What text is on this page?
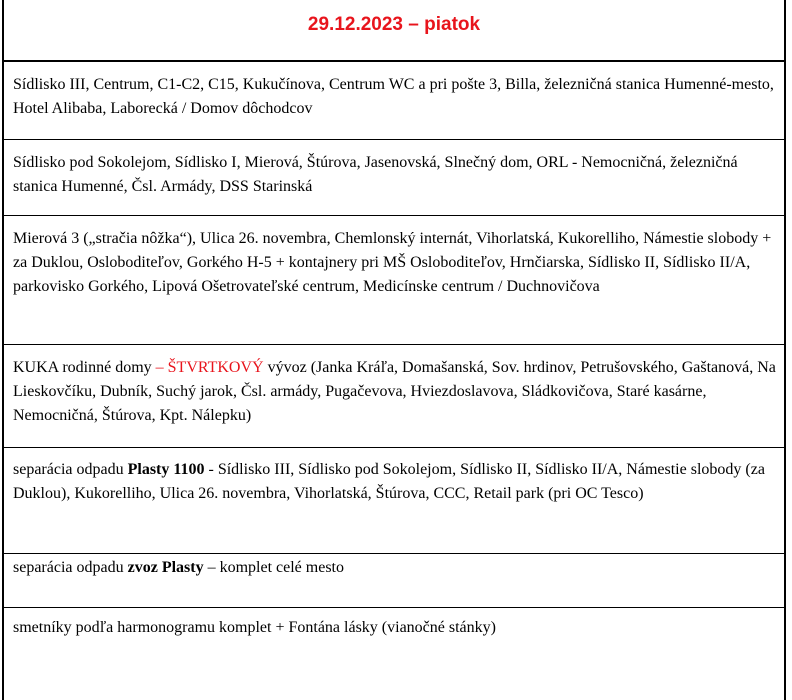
29.12.2023 – piatok
Sídlisko III, Centrum, C1-C2, C15, Kukučínova, Centrum WC a pri pošte 3, Billa, železničná stanica Humenné-mesto, Hotel Alibaba, Laborecká / Domov dôchodcov
Sídlisko pod Sokolejom, Sídlisko I, Mierová, Štúrova, Jasenovská, Slnečný dom, ORL - Nemocničná, železničná stanica Humenné, Čsl. Armády, DSS Starinská
Mierová 3 („stračia nôžka“), Ulica 26. novembra, Chemlonský internát, Vihorlatská, Kukorelliho, Námestie slobody + za Duklou, Osloboditeľov, Gorkého H-5 + kontajnery pri MŠ Osloboditeľov, Hrnčiarska, Sídlisko II, Sídlisko II/A, parkovisko Gorkého, Lipová Ošetrovateľské centrum, Medicínske centrum / Duchnovičova
KUKA rodinné domy – ŠTVRTKOVÝ vývoz (Janka Kráľa, Domašanská, Sov. hrdinov, Petrušovského, Gaštanová, Na Lieskovčíku, Dubník, Suchý jarok, Čsl. armády, Pugačevova, Hviezdoslavova, Sládkovičova, Staré kasárne, Nemocničná, Štúrova, Kpt. Nálepku)
separácia odpadu Plasty 1100 - Sídlisko III, Sídlisko pod Sokolejom, Sídlisko II, Sídlisko II/A, Námestie slobody (za Duklou), Kukorelliho, Ulica 26. novembra, Vihorlatská, Štúrova, CCC, Retail park (pri OC Tesco)
separácia odpadu zvoz Plasty – komplet celé mesto
smetníky podľa harmonogramu komplet + Fontána lásky (vianočné stánky)
